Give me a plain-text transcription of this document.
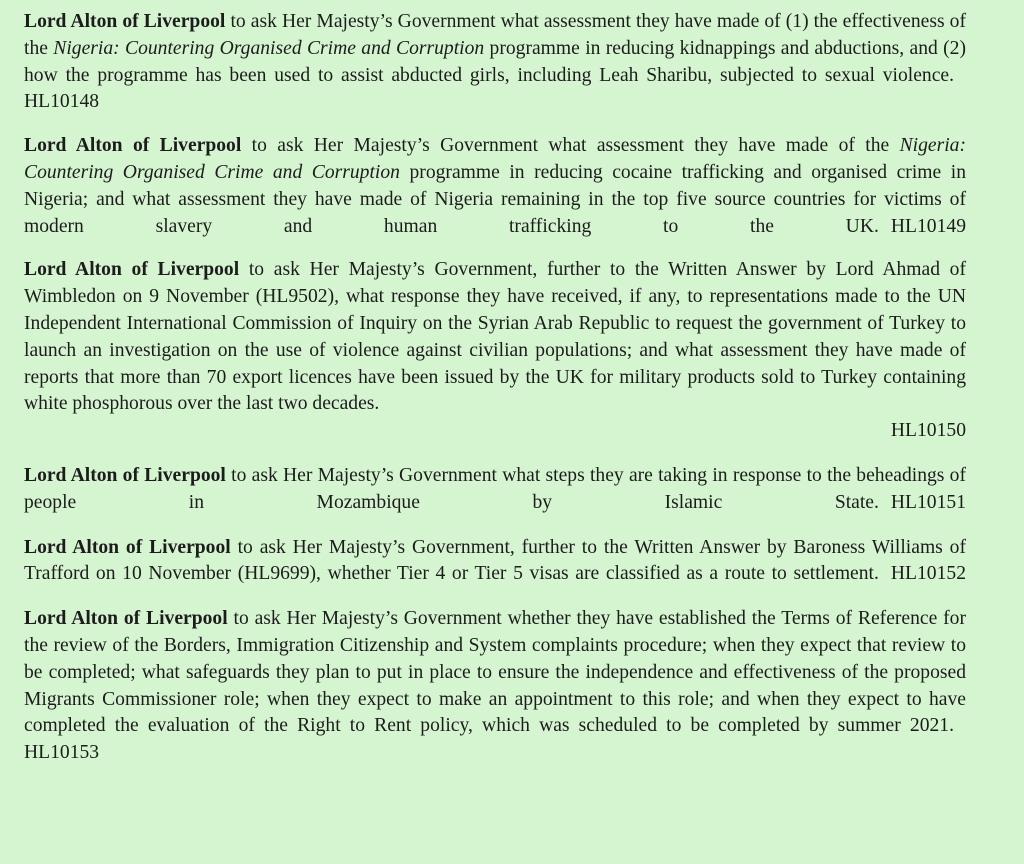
Lord Alton of Liverpool to ask Her Majesty’s Government what assessment they have made of (1) the effectiveness of the Nigeria: Countering Organised Crime and Corruption programme in reducing kidnappings and abductions, and (2) how the programme has been used to assist abducted girls, including Leah Sharibu, subjected to sexual violence.HL10148

Lord Alton of Liverpool to ask Her Majesty’s Government what assessment they have made of the Nigeria: Countering Organised Crime and Corruption programme in reducing cocaine trafficking and organised crime in Nigeria; and what assessment they have made of Nigeria remaining in the top five source countries for victims of modern slavery and human trafficking to the UK. HL10149

Lord Alton of Liverpool to ask Her Majesty’s Government, further to the Written Answer by Lord Ahmad of Wimbledon on 9 November (HL9502), what response they have received, if any, to representations made to the UN Independent International Commission of Inquiry on the Syrian Arab Republic to request the government of Turkey to launch an investigation on the use of violence against civilian populations; and what assessment they have made of reports that more than 70 export licences have been issued by the UK for military products sold to Turkey containing white phosphorous over the last two decades.
HL10150

Lord Alton of Liverpool to ask Her Majesty’s Government what steps they are taking in response to the beheadings of people in Mozambique by Islamic State. HL10151

Lord Alton of Liverpool to ask Her Majesty’s Government, further to the Written Answer by Baroness Williams of Trafford on 10 November (HL9699), whether Tier 4 or Tier 5 visas are classified as a route to settlement. HL10152

Lord Alton of Liverpool to ask Her Majesty’s Government whether they have established the Terms of Reference for the review of the Borders, Immigration Citizenship and System complaints procedure; when they expect that review to be completed; what safeguards they plan to put in place to ensure the independence and effectiveness of the proposed Migrants Commissioner role; when they expect to make an appointment to this role; and when they expect to have completed the evaluation of the Right to Rent policy, which was scheduled to be completed by summer 2021.HL10153
